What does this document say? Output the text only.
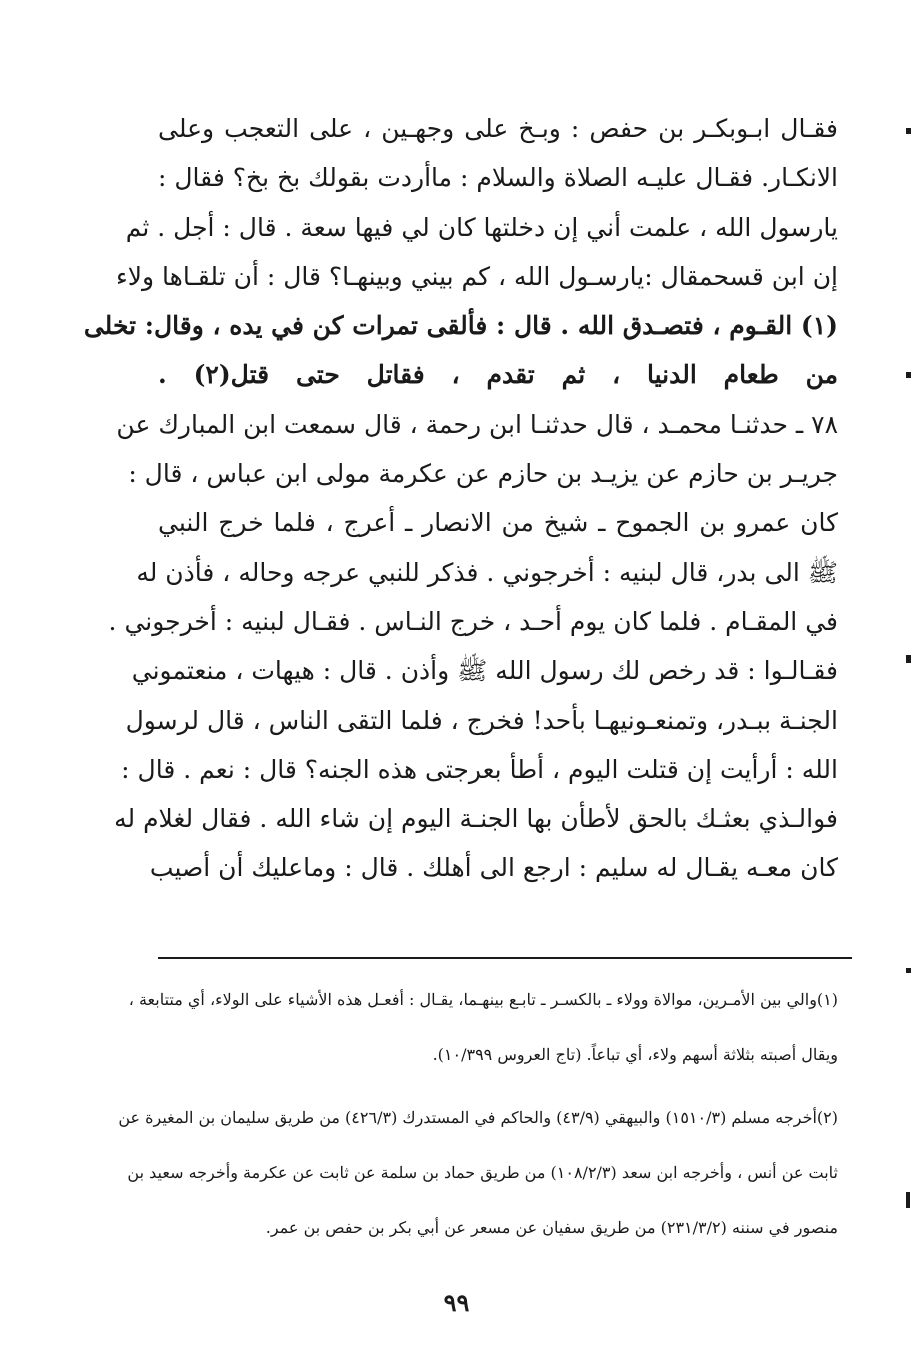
فقـال ابـوبكـر بن حفص : وبـخ على وجهـين ، على التعجب وعلى
الانكـار. فقـال عليـه الصلاة والسلام : ماأردت بقولك بخ بخ؟ فقال :
يارسول الله ، علمت أني إن دخلتها كان لي فيها سعة . قال : أجل . ثم
إن ابن قسحمقال :يارسـول الله ، كم بيني وبينهـا؟ قال : أن تلقـاها ولاء
(١) القـوم ، فتصـدق الله . قال : فألقى تمرات كن في يده ، وقال: تخلى
من طعام الدنيا ، ثم تقدم ، فقاتل حتى قتل(٢) .
٧٨ ـ حدثنـا محمـد ، قال حدثنـا ابن رحمة ، قال سمعت ابن المبارك عن
جريـر بن حازم عن يزيـد بن حازم عن عكرمة مولى ابن عباس ، قال :
كان عمرو بن الجموح ـ شيخ من الانصار ـ أعرج ، فلما خرج النبي
ﷺ الى بدر، قال لبنيه : أخرجوني . فذكر للنبي عرجه وحاله ، فأذن له
في المقـام . فلما كان يوم أحـد ، خرج النـاس . فقـال لبنيه : أخرجوني .
فقـالـوا : قد رخص لك رسول الله ﷺ وأذن . قال : هيهات ، منعتموني
الجنـة ببـدر، وتمنعـونيهـا بأحد! فخرج ، فلما التقى الناس ، قال لرسول
الله : أرأيت إن قتلت اليوم ، أطأ بعرجتى هذه الجنه؟ قال : نعم . قال :
فوالـذي بعثـك بالحق لأطأن بها الجنـة اليوم إن شاء الله . فقال لغلام له
كان معـه يقـال له سليم : ارجع الى أهلك . قال : وماعليك أن أصيب
(١)والي بين الأمـرين، موالاة وولاء ـ بالكسـر ـ تابـع بينهـما، يقـال : أفعـل هذه الأشياء على الولاء، أي متتابعة ،
ويقال أصبته بثلاثة أسهم ولاء، أي تباعاً. (تاج العروس ١٠/٣٩٩).
(٢)أخرجه مسلم (١٥١٠/٣) والبيهقي (٤٣/٩) والحاكم في المستدرك (٤٢٦/٣) من طريق سليمان بن المغيرة عن
ثابت عن أنس ، وأخرجه ابن سعد (١٠٨/٢/٣) من طريق حماد بن سلمة عن ثابت عن عكرمة وأخرجه سعيد بن
منصور في سننه (٢٣١/٣/٢) من طريق سفيان عن مسعر عن أبي بكر بن حفص بن عمر.
٩٩
